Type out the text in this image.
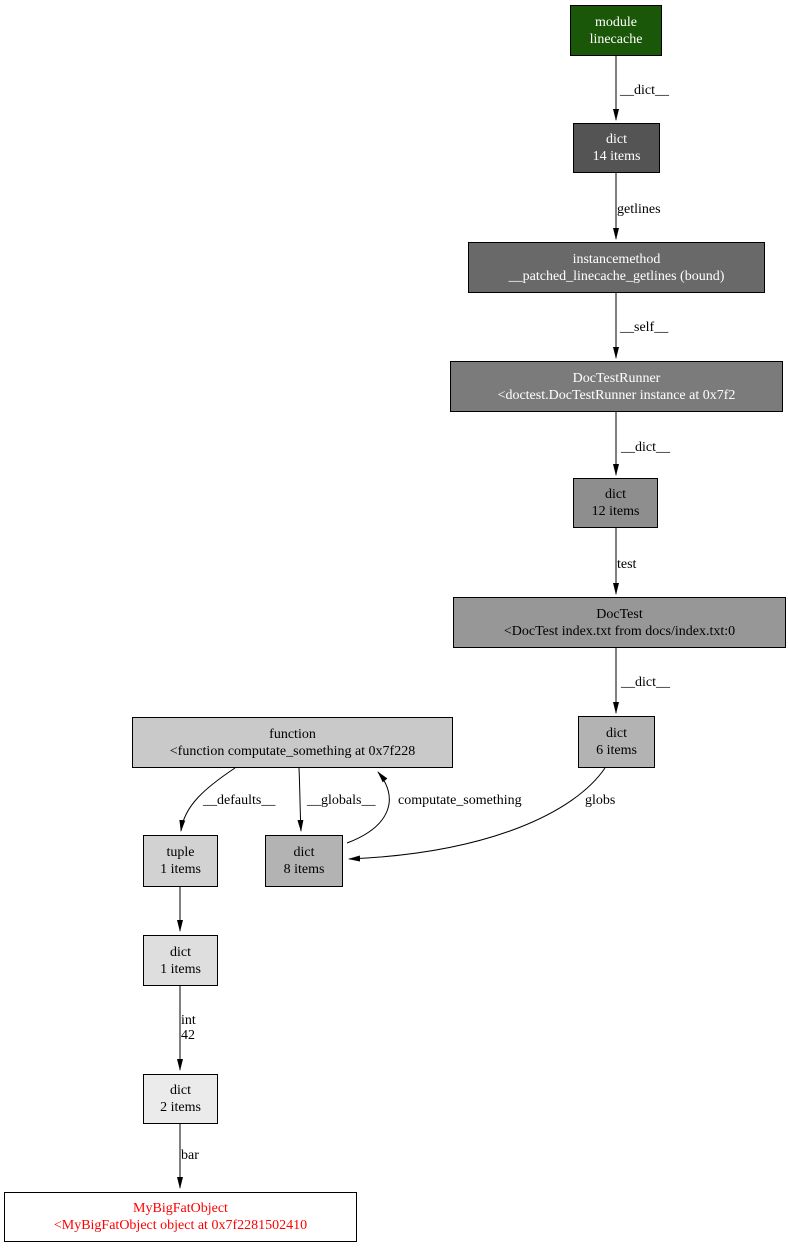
module
linecache
dict
14 items
instancemethod
__patched_linecache_getlines (bound)
DocTestRunner
<doctest.DocTestRunner instance at 0x7f2
dict
12 items
DocTest
<DocTest index.txt from docs/index.txt:0
dict
6 items
function
<function computate_something at 0x7f228
tuple
1 items
dict
8 items
dict
1 items
dict
2 items
MyBigFatObject
<MyBigFatObject object at 0x7f2281502410
__dict__
getlines
__self__
__dict__
test
__dict__
globs
computate_something
__globals__
__defaults__
int
42
bar
